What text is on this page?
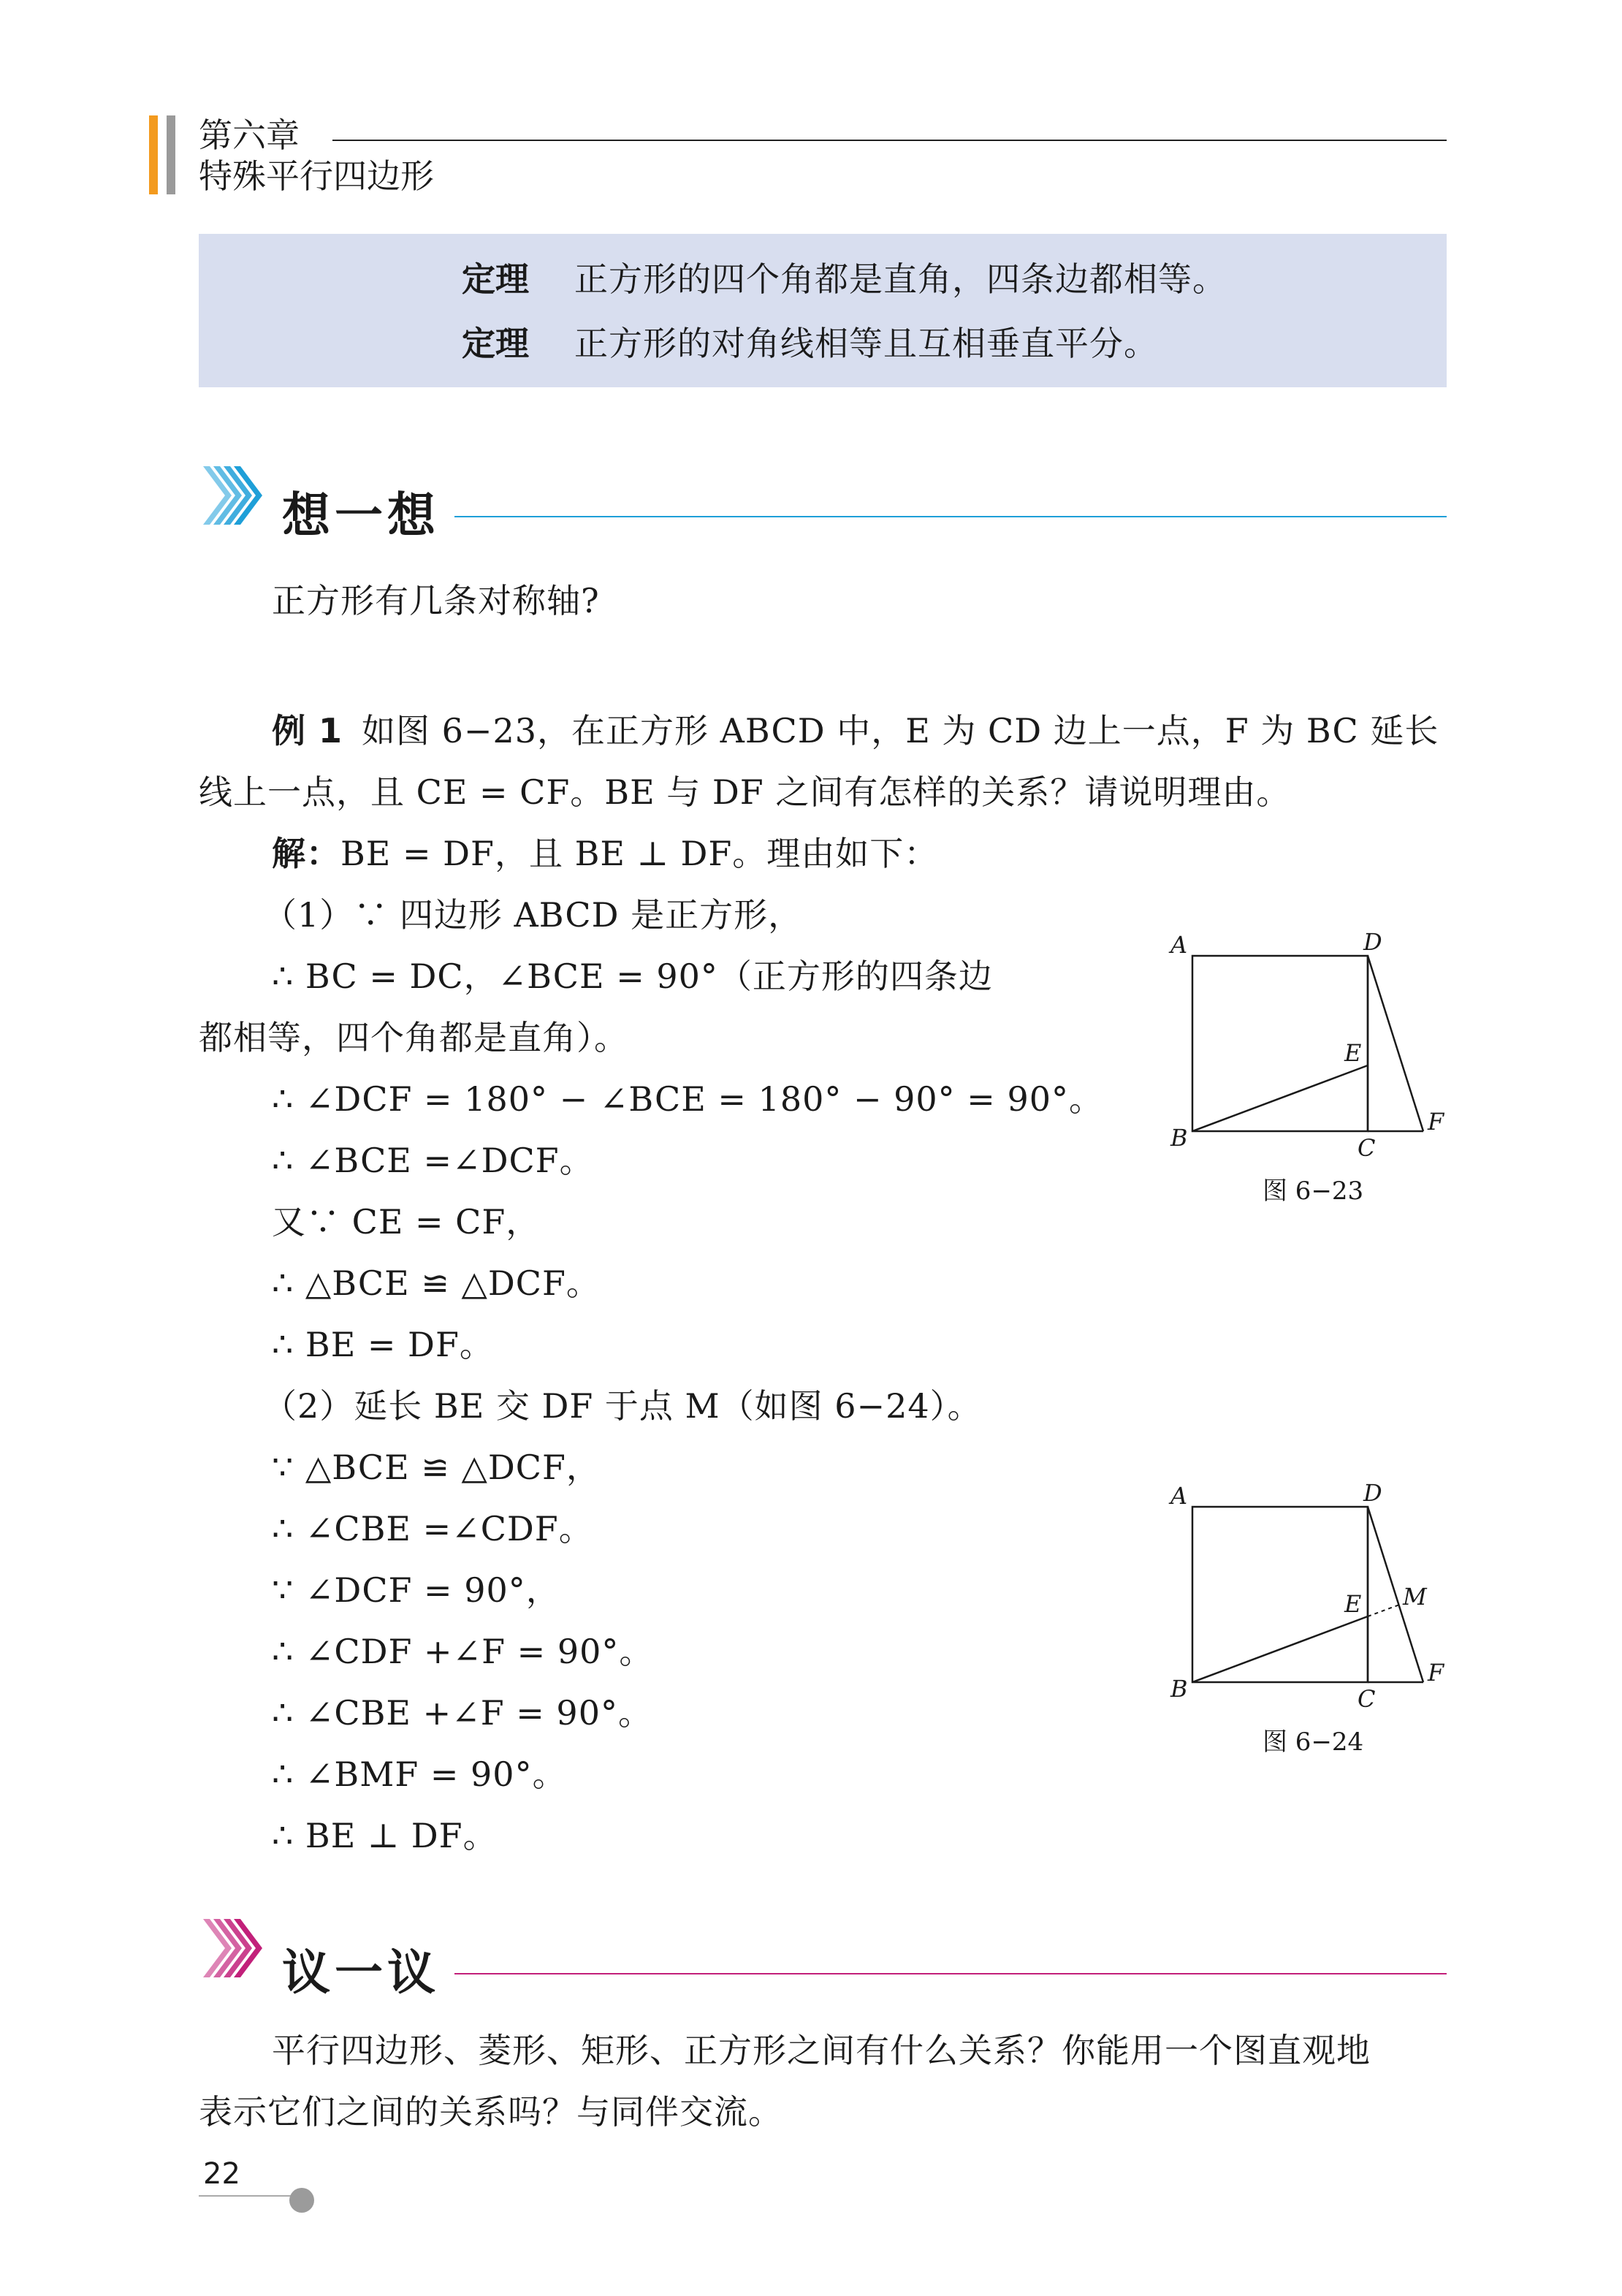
第六章
特殊平行四边形
定理 正方形的四个角都是直角，四条边都相等。
定理 正方形的对角线相等且互相垂直平分。
想一想
正方形有几条对称轴?
例 1 如图 6−23，在正方形 ABCD 中，E 为 CD 边上一点，F 为 BC 延长
线上一点，且 CE = CF。BE 与 DF 之间有怎样的关系？请说明理由。
解：BE = DF，且 BE ⊥ DF。理由如下：
（1）∵ 四边形 ABCD 是正方形，
∴ BC = DC，∠BCE = 90°（正方形的四条边
都相等，四个角都是直角）。
∴ ∠DCF = 180° − ∠BCE = 180° − 90° = 90°。
∴ ∠BCE =∠DCF。
又∵ CE = CF，
∴ △BCE ≌ △DCF。
∴ BE = DF。
（2）延长 BE 交 DF 于点 M（如图 6−24）。
∵ △BCE ≌ △DCF，
∴ ∠CBE =∠CDF。
∵ ∠DCF = 90°，
∴ ∠CDF +∠F = 90°。
∴ ∠CBE +∠F = 90°。
∴ ∠BMF = 90°。
∴ BE ⊥ DF。
A	D
E
B	C
F
图 6−23
A	D
E M
B	C
F
图 6−24
议一议
平行四边形、菱形、矩形、正方形之间有什么关系？你能用一个图直观地
表示它们之间的关系吗？与同伴交流。
22
